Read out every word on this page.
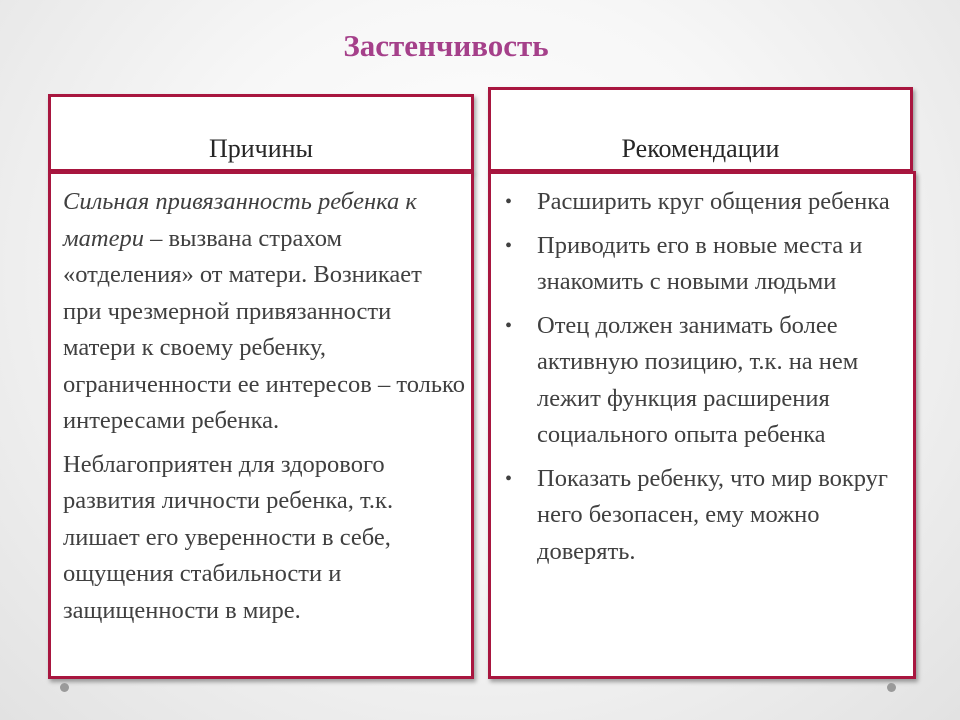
Застенчивость
Причины	Рекомендации

Сильная привязанность ребенка к матери – вызвана страхом «отделения» от матери. Возникает при чрезмерной привязанности матери к своему ребенку, ограниченности ее интересов – только интересами ребенка.

Неблагоприятен для здорового развития личности ребенка, т.к. лишает его уверенности в себе, ощущения стабильности и защищенности в мире.

• Расширить круг общения ребенка
• Приводить его в новые места и знакомить с новыми людьми
• Отец должен занимать более активную позицию, т.к. на нем лежит функция расширения социального опыта ребенка
• Показать ребенку, что мир вокруг него безопасен, ему можно доверять.
